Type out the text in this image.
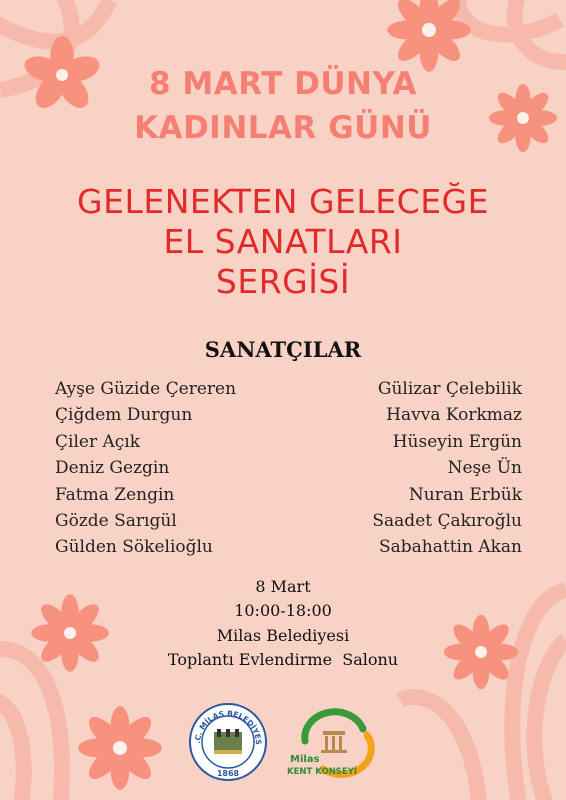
8 MART DÜNYA
KADINLAR GÜNÜ
GELENEKTEN GELECEĞE
EL SANATLARI
SERGİSİ
SANATÇILAR
Ayşe Güzide Çereren
Çiğdem Durgun
Çiler Açık
Deniz Gezgin
Fatma Zengin
Gözde Sarıgül
Gülden Sökelioğlu
Gülizar Çelebilik
Havva Korkmaz
Hüseyin Ergün
Neşe Ün
Nuran Erbük
Saadet Çakıroğlu
Sabahattin Akan
8 Mart
10:00-18:00
Milas Belediyesi
Toplantı Evlendirme  Salonu
.C. MİLAS BELEDİYES
1868
Milas
KENT KONSEYİ
